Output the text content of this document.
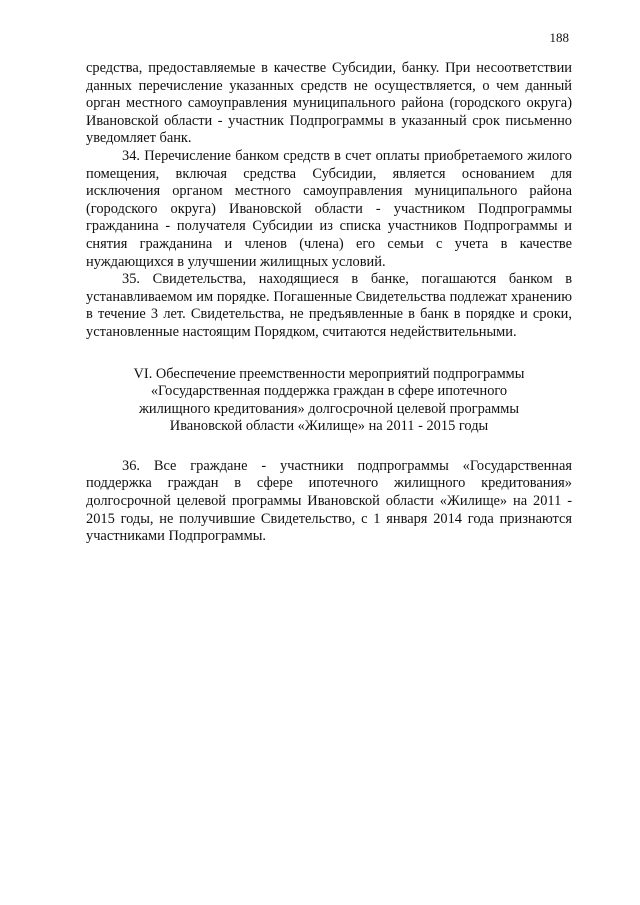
188

средства, предоставляемые в качестве Субсидии, банку. При несоответствии данных перечисление указанных средств не осуществляется, о чем данный орган местного самоуправления муниципального района (городского округа) Ивановской области - участник Подпрограммы в указанный срок письменно уведомляет банк.

34. Перечисление банком средств в счет оплаты приобретаемого жилого помещения, включая средства Субсидии, является основанием для исключения органом местного самоуправления муниципального района (городского округа) Ивановской области - участником Подпрограммы гражданина - получателя Субсидии из списка участников Подпрограммы и снятия гражданина и членов (члена) его семьи с учета в качестве нуждающихся в улучшении жилищных условий.

35. Свидетельства, находящиеся в банке, погашаются банком в устанавливаемом им порядке. Погашенные Свидетельства подлежат хранению в течение 3 лет. Свидетельства, не предъявленные в банк в порядке и сроки, установленные настоящим Порядком, считаются недействительными.

VI. Обеспечение преемственности мероприятий подпрограммы «Государственная поддержка граждан в сфере ипотечного жилищного кредитования» долгосрочной целевой программы Ивановской области «Жилище» на 2011 - 2015 годы

36. Все граждане - участники подпрограммы «Государственная поддержка граждан в сфере ипотечного жилищного кредитования» долгосрочной целевой программы Ивановской области «Жилище» на 2011 - 2015 годы, не получившие Свидетельство, с 1 января 2014 года признаются участниками Подпрограммы.
